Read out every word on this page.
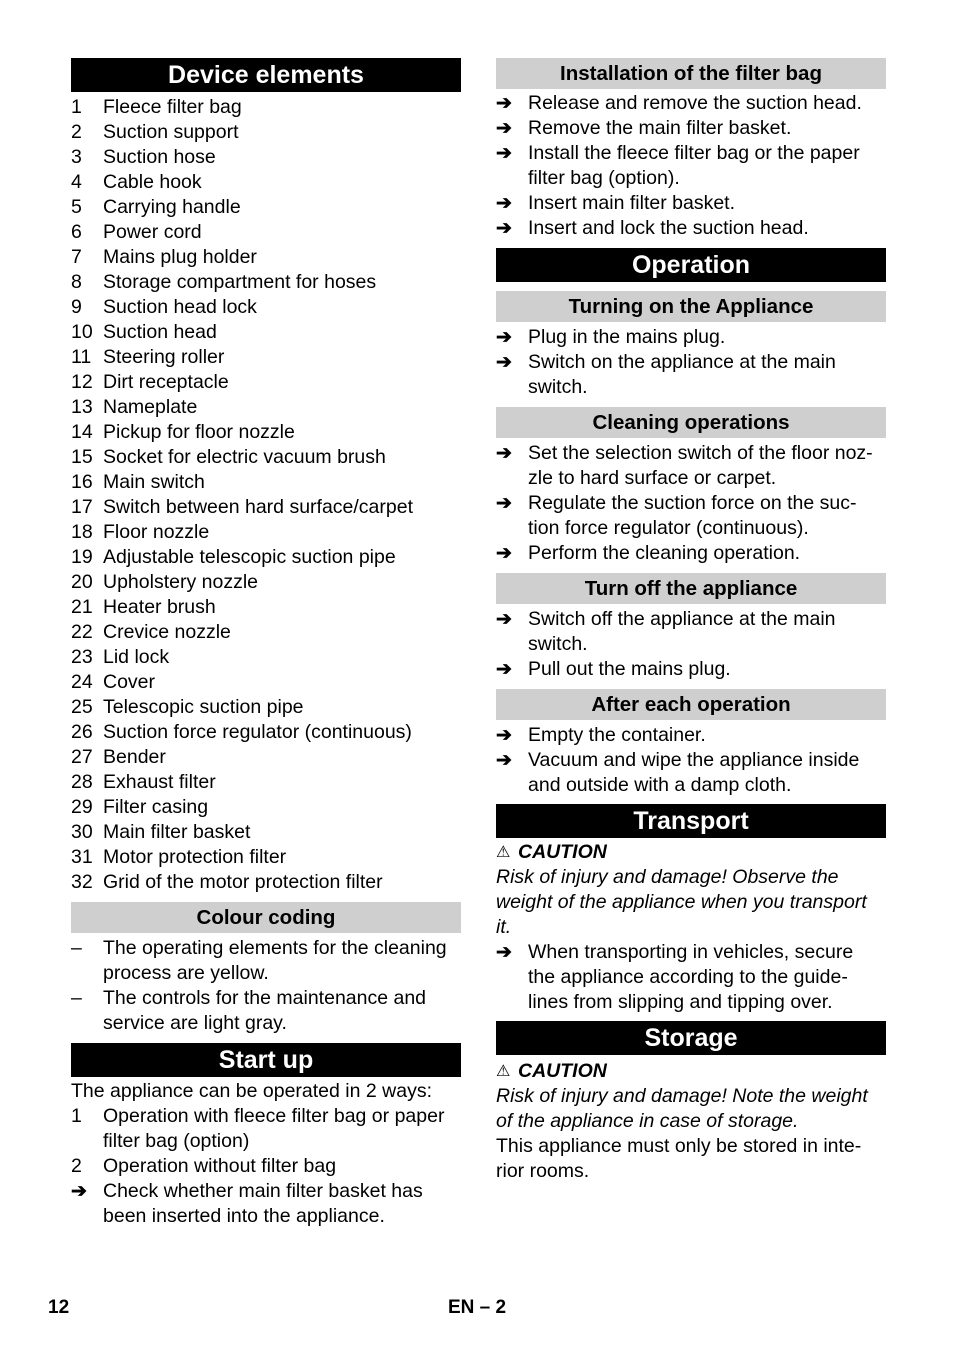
Device elements
1	Fleece filter bag
2	Suction support
3	Suction hose
4	Cable hook
5	Carrying handle
6	Power cord
7	Mains plug holder
8	Storage compartment for hoses
9	Suction head lock
10 Suction head
11 Steering roller
12 Dirt receptacle
13 Nameplate
14 Pickup for floor nozzle
15 Socket for electric vacuum brush
16 Main switch
17 Switch between hard surface/carpet
18 Floor nozzle
19 Adjustable telescopic suction pipe
20 Upholstery nozzle
21 Heater brush
22 Crevice nozzle
23 Lid lock
24 Cover
25 Telescopic suction pipe
26 Suction force regulator (continuous)
27 Bender
28 Exhaust filter
29 Filter casing
30 Main filter basket
31 Motor protection filter
32 Grid of the motor protection filter
Colour coding
–	The operating elements for the cleaning
process are yellow.
–	The controls for the maintenance and
service are light gray.
Start up
The appliance can be operated in 2 ways:
1	Operation with fleece filter bag or paper
filter bag (option)
2	Operation without filter bag
➔ Check whether main filter basket has
been inserted into the appliance.
Installation of the filter bag
➔ Release and remove the suction head.
➔ Remove the main filter basket.
➔ Install the fleece filter bag or the paper
filter bag (option).
➔ Insert main filter basket.
➔ Insert and lock the suction head.
Operation
Turning on the Appliance
➔ Plug in the mains plug.
➔ Switch on the appliance at the main
switch.
Cleaning operations
➔ Set the selection switch of the floor noz-
zle to hard surface or carpet.
➔ Regulate the suction force on the suc-
tion force regulator (continuous).
➔ Perform the cleaning operation.
Turn off the appliance
➔ Switch off the appliance at the main
switch.
➔ Pull out the mains plug.
After each operation
➔ Empty the container.
➔ Vacuum and wipe the appliance inside
and outside with a damp cloth.
Transport
⚠ CAUTION
Risk of injury and damage! Observe the
weight of the appliance when you transport
it.
➔ When transporting in vehicles, secure
the appliance according to the guide-
lines from slipping and tipping over.
Storage
⚠ CAUTION
Risk of injury and damage! Note the weight
of the appliance in case of storage.
This appliance must only be stored in inte-
rior rooms.
12	EN – 2
